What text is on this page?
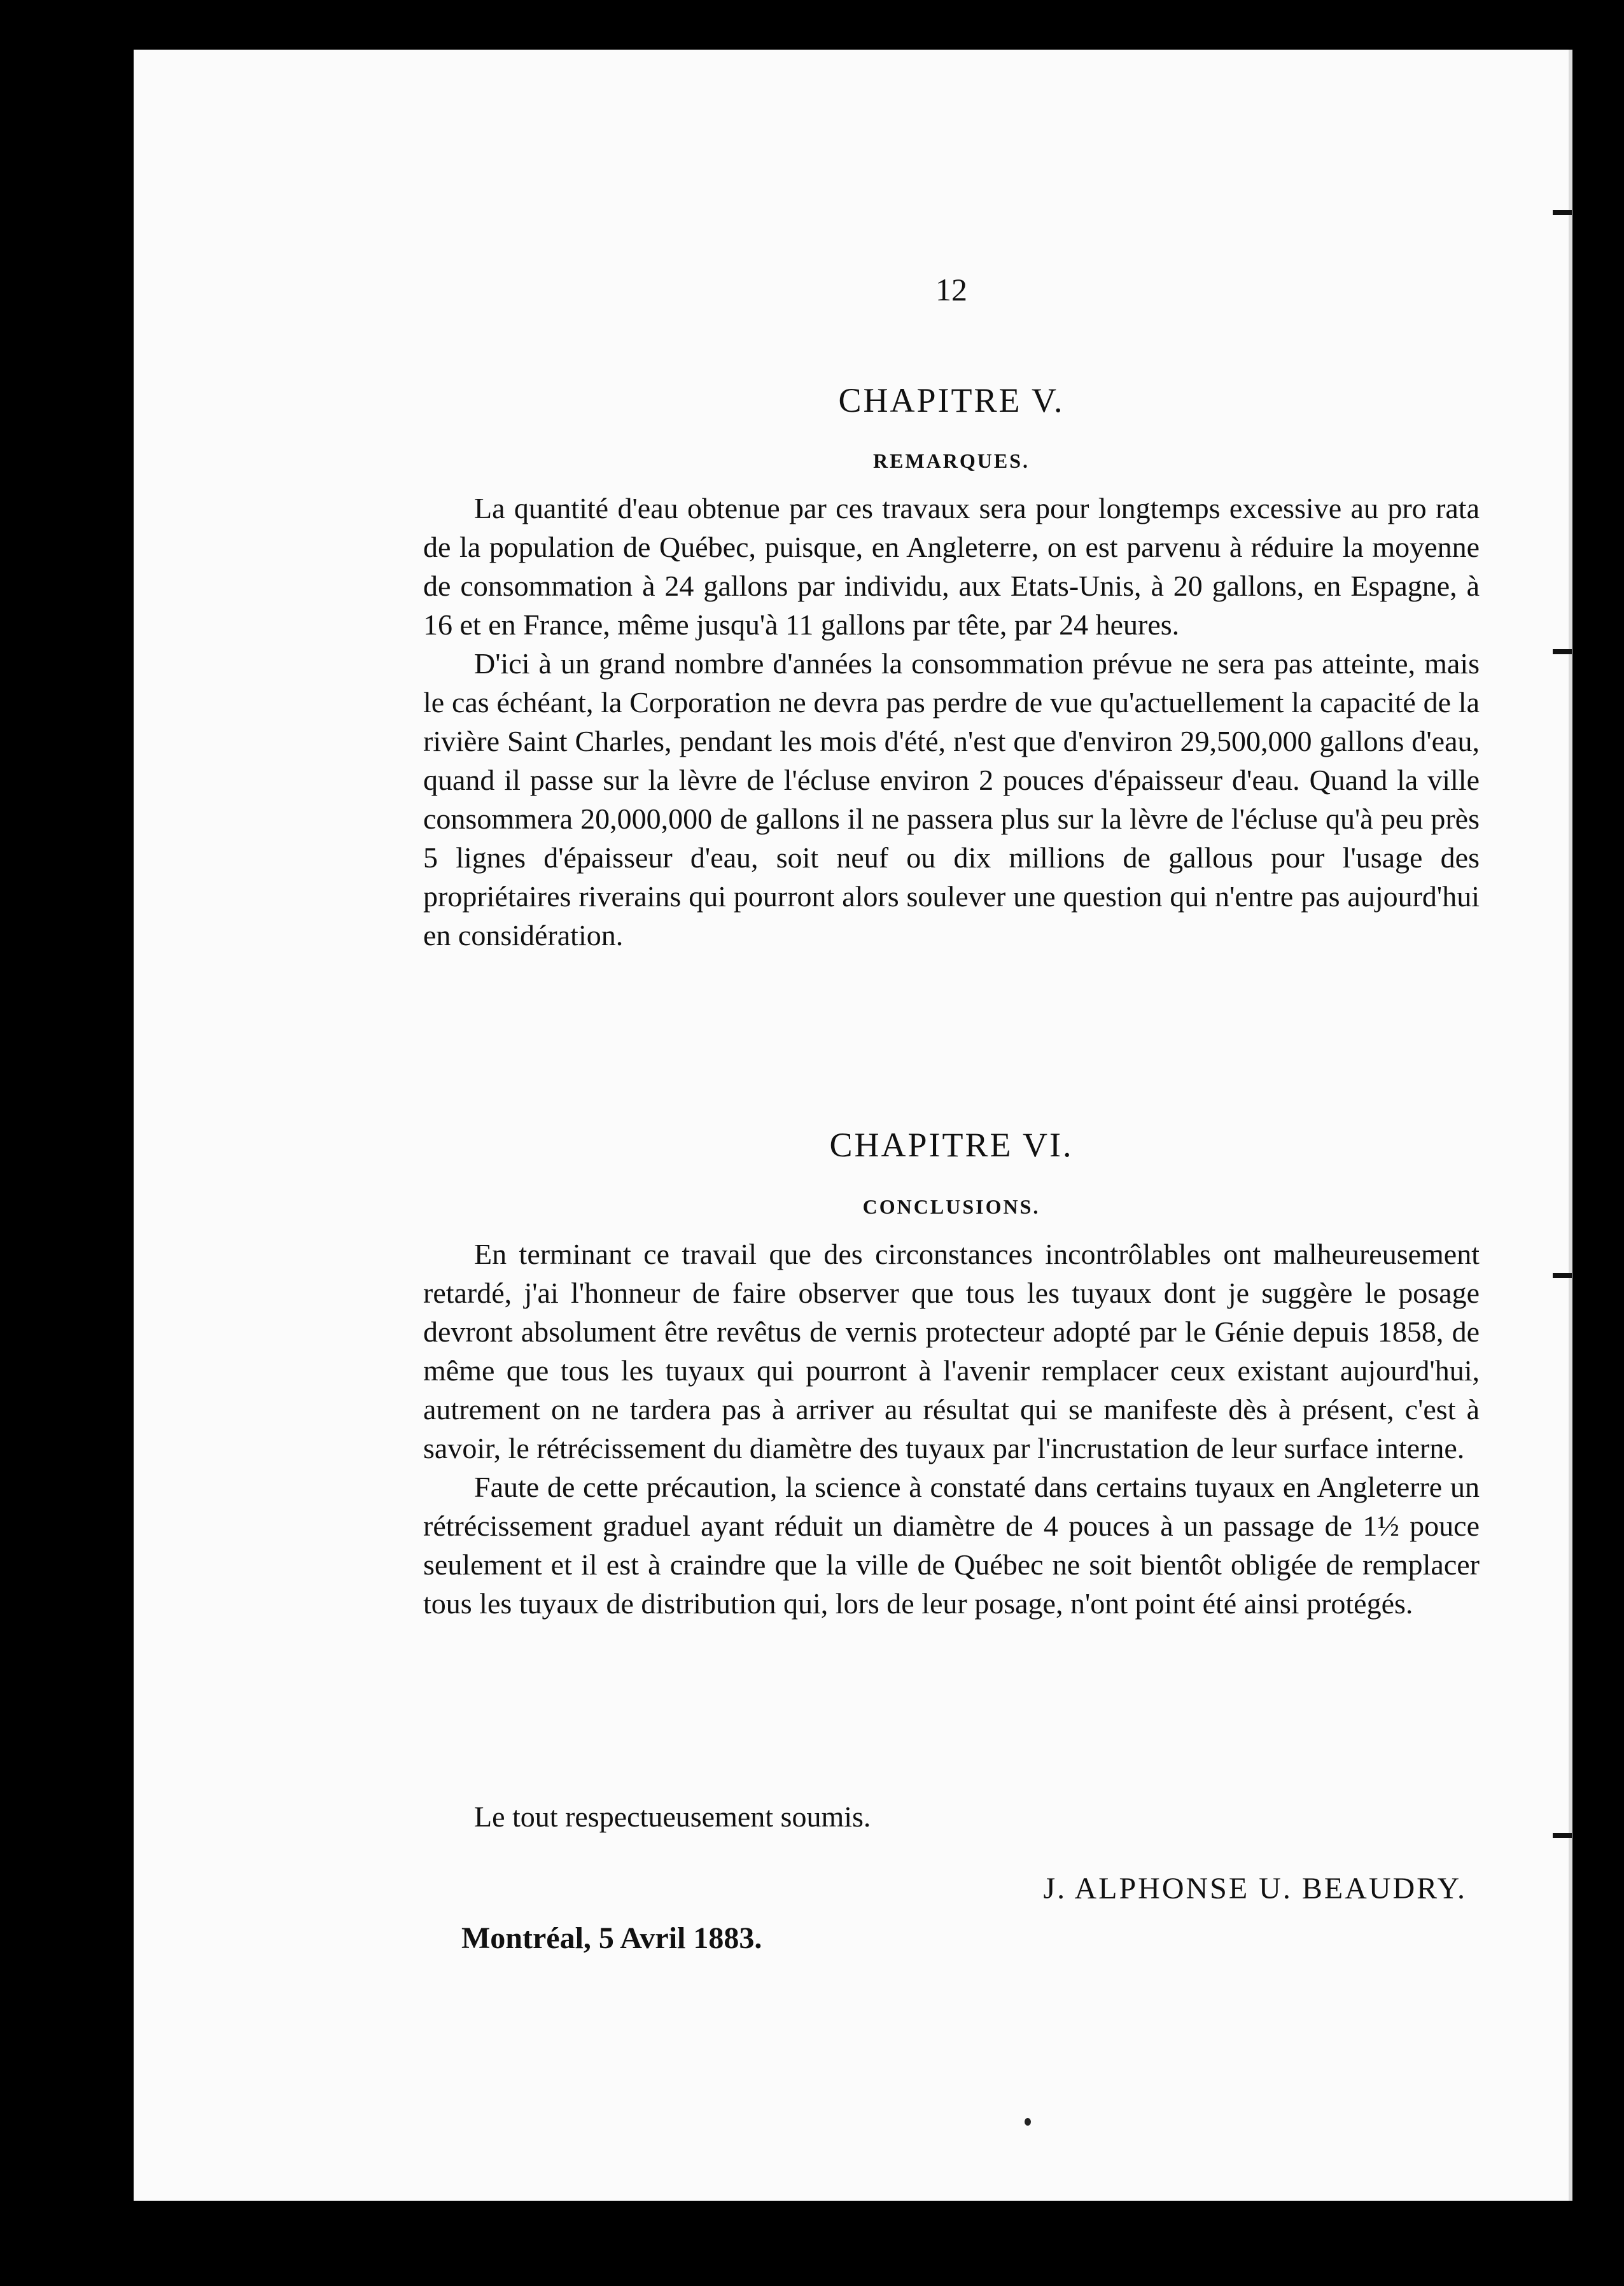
12
CHAPITRE V.
REMARQUES.

La quantité d'eau obtenue par ces travaux sera pour longtemps excessive au pro rata de la population de Québec, puisque, en Angleterre, on est parvenu à réduire la moyenne de consommation à 24 gallons par individu, aux Etats-Unis, à 20 gallons, en Espagne, à 16 et en France, même jusqu'à 11 gallons par tête, par 24 heures.

D'ici à un grand nombre d'années la consommation prévue ne sera pas atteinte, mais le cas échéant, la Corporation ne devra pas perdre de vue qu'actuellement la capacité de la rivière Saint Charles, pendant les mois d'été, n'est que d'environ 29,500,000 gallons d'eau, quand il passe sur la lèvre de l'écluse environ 2 pouces d'épaisseur d'eau. Quand la ville consommera 20,000,000 de gallons il ne passera plus sur la lèvre de l'écluse qu'à peu près 5 lignes d'épaisseur d'eau, soit neuf ou dix millions de gallous pour l'usage des propriétaires riverains qui pourront alors soulever une question qui n'entre pas aujourd'hui en considération.

CHAPITRE VI.
CONCLUSIONS.

En terminant ce travail que des circonstances incontrôlables ont malheureusement retardé, j'ai l'honneur de faire observer que tous les tuyaux dont je suggère le posage devront absolument être revêtus de vernis protecteur adopté par le Génie depuis 1858, de même que tous les tuyaux qui pourront à l'avenir remplacer ceux existant aujourd'hui, autrement on ne tardera pas à arriver au résultat qui se manifeste dès à présent, c'est à savoir, le rétrécissement du diamètre des tuyaux par l'incrustation de leur surface interne.

Faute de cette précaution, la science à constaté dans certains tuyaux en Angleterre un rétrécissement graduel ayant réduit un diamètre de 4 pouces à un passage de 1½ pouce seulement et il est à craindre que la ville de Québec ne soit bientôt obligée de remplacer tous les tuyaux de distribution qui, lors de leur posage, n'ont point été ainsi protégés.

Le tout respectueusement soumis.
J. ALPHONSE U. BEAUDRY.
Montréal, 5 Avril 1883.
